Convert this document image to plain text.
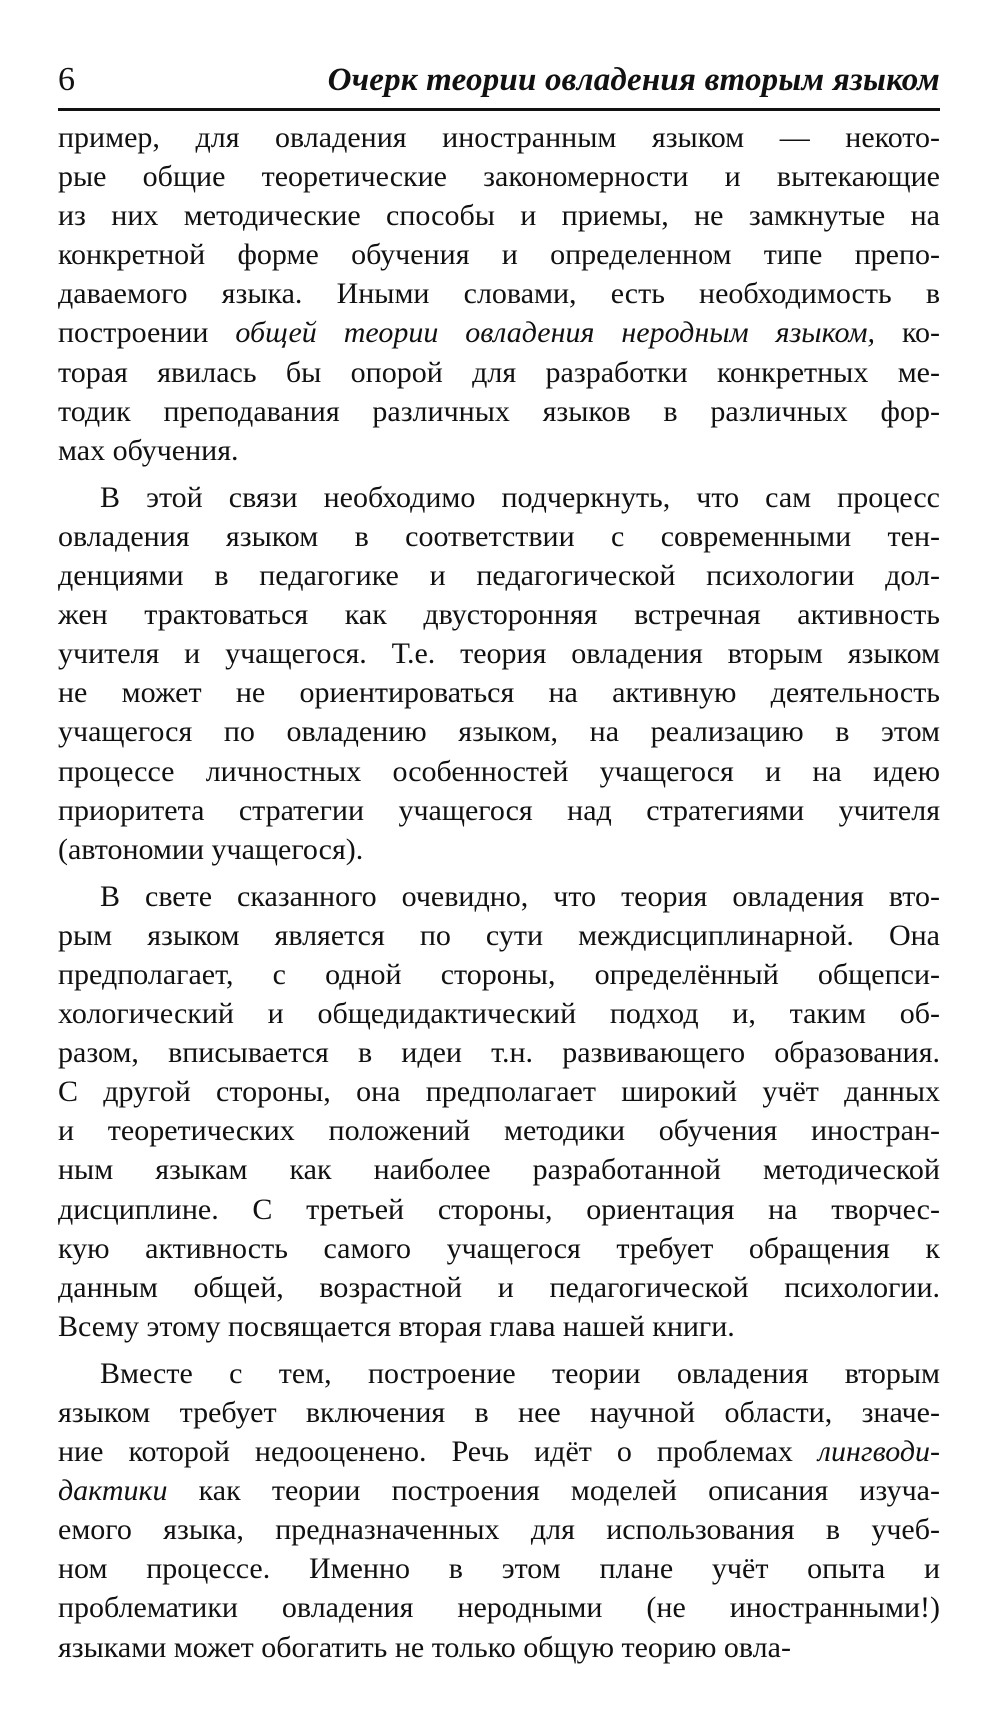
6	Очерк теории овладения вторым языком
пример, для овладения иностранным языком — некото-
рые общие теоретические закономерности и вытекающие
из них методические способы и приемы, не замкнутые на
конкретной форме обучения и определенном типе препо-
даваемого языка. Иными словами, есть необходимость в
построении общей теории овладения неродным языком, ко-
торая явилась бы опорой для разработки конкретных ме-
тодик преподавания различных языков в различных фор-
мах обучения.
В этой связи необходимо подчеркнуть, что сам процесс
овладения языком в соответствии с современными тен-
денциями в педагогике и педагогической психологии дол-
жен трактоваться как двусторонняя встречная активность
учителя и учащегося. Т.е. теория овладения вторым языком
не может не ориентироваться на активную деятельность
учащегося по овладению языком, на реализацию в этом
процессе личностных особенностей учащегося и на идею
приоритета стратегии учащегося над стратегиями учителя
(автономии учащегося).
В свете сказанного очевидно, что теория овладения вто-
рым языком является по сути междисциплинарной. Она
предполагает, с одной стороны, определённый общепси-
хологический и общедидактический подход и, таким об-
разом, вписывается в идеи т.н. развивающего образования.
С другой стороны, она предполагает широкий учёт данных
и теоретических положений методики обучения иностран-
ным языкам как наиболее разработанной методической
дисциплине. С третьей стороны, ориентация на творчес-
кую активность самого учащегося требует обращения к
данным общей, возрастной и педагогической психологии.
Всему этому посвящается вторая глава нашей книги.
Вместе с тем, построение теории овладения вторым
языком требует включения в нее научной области, значе-
ние которой недооценено. Речь идёт о проблемах лингводи-
дактики как теории построения моделей описания изуча-
емого языка, предназначенных для использования в учеб-
ном процессе. Именно в этом плане учёт опыта и
проблематики овладения неродными (не иностранными!)
языками может обогатить не только общую теорию овла-
